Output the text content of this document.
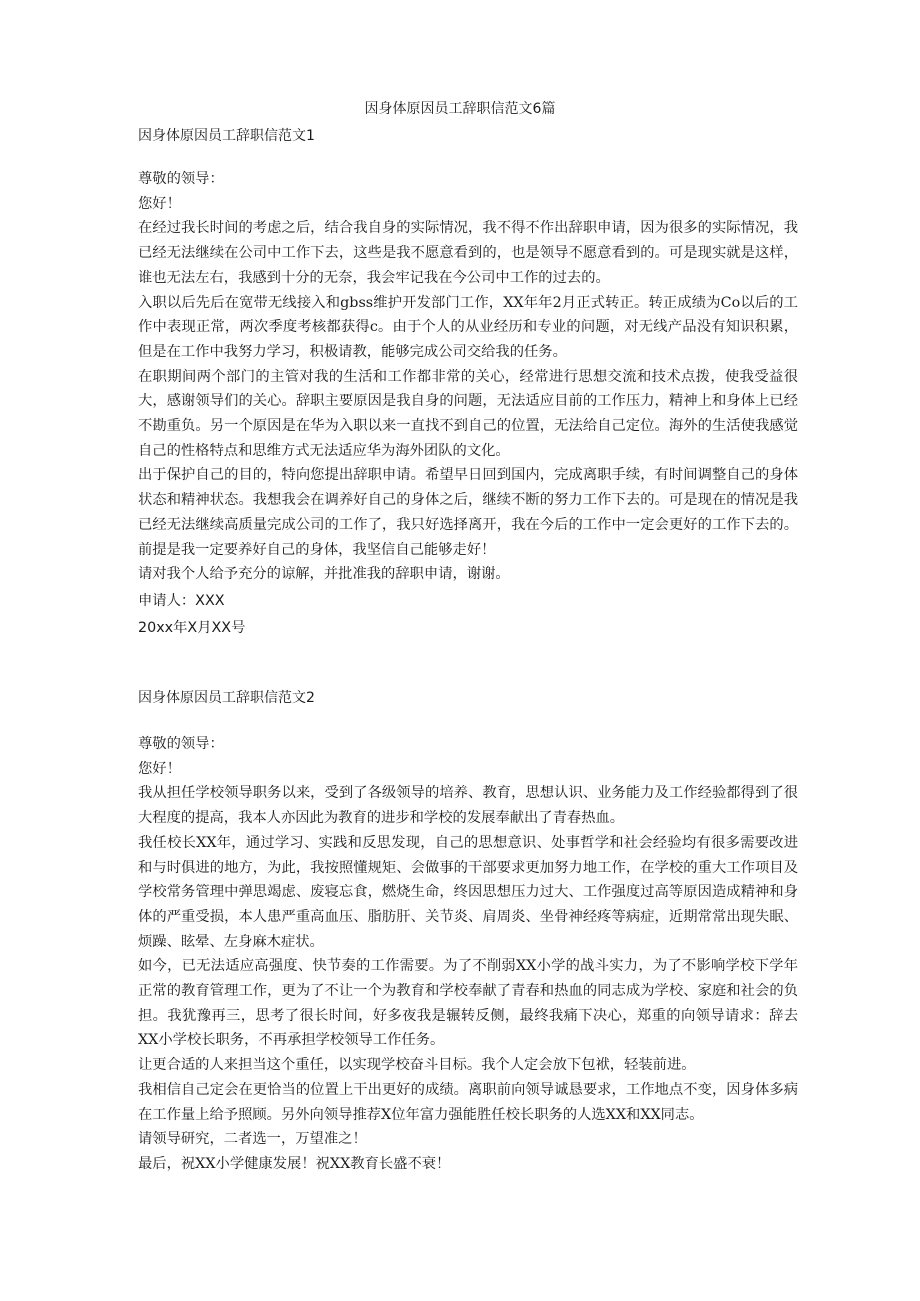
因身体原因员工辞职信范文6篇
因身体原因员工辞职信范文1

尊敬的领导：

您好！

在经过我长时间的考虑之后，结合我自身的实际情况，我不得不作出辞职申请，因为很多的实际情况，我已经无法继续在公司中工作下去，这些是我不愿意看到的，也是领导不愿意看到的。可是现实就是这样，谁也无法左右，我感到十分的无奈，我会牢记我在今公司中工作的过去的。

入职以后先后在宽带无线接入和gbss维护开发部门工作，XX年年2月正式转正。转正成绩为Co以后的工作中表现正常，两次季度考核都获得c。由于个人的从业经历和专业的问题，对无线产品没有知识积累，但是在工作中我努力学习，积极请教，能够完成公司交给我的任务。

在职期间两个部门的主管对我的生活和工作都非常的关心，经常进行思想交流和技术点拨，使我受益很大，感谢领导们的关心。辞职主要原因是我自身的问题，无法适应目前的工作压力，精神上和身体上已经不勘重负。另一个原因是在华为入职以来一直找不到自己的位置，无法给自己定位。海外的生活使我感觉自己的性格特点和思维方式无法适应华为海外团队的文化。

出于保护自己的目的，特向您提出辞职申请。希望早日回到国内，完成离职手续，有时间调整自己的身体状态和精神状态。我想我会在调养好自己的身体之后，继续不断的努力工作下去的。可是现在的情况是我已经无法继续高质量完成公司的工作了，我只好选择离开，我在今后的工作中一定会更好的工作下去的。前提是我一定要养好自己的身体，我坚信自己能够走好！

请对我个人给予充分的谅解，并批准我的辞职申请，谢谢。

申请人：XXX

20xx年X月XX号

因身体原因员工辞职信范文2

尊敬的领导：

您好！

我从担任学校领导职务以来，受到了各级领导的培养、教育，思想认识、业务能力及工作经验都得到了很大程度的提高，我本人亦因此为教育的进步和学校的发展奉献出了青春热血。

我任校长XX年，通过学习、实践和反思发现，自己的思想意识、处事哲学和社会经验均有很多需要改进和与时俱进的地方，为此，我按照懂规矩、会做事的干部要求更加努力地工作，在学校的重大工作项目及学校常务管理中弹思竭虑、废寝忘食，燃烧生命，终因思想压力过大、工作强度过高等原因造成精神和身体的严重受损，本人患严重高血压、脂肪肝、关节炎、肩周炎、坐骨神经疼等病症，近期常常出现失眠、烦躁、眩晕、左身麻木症状。

如今，已无法适应高强度、快节奏的工作需要。为了不削弱XX小学的战斗实力，为了不影响学校下学年正常的教育管理工作，更为了不让一个为教育和学校奉献了青春和热血的同志成为学校、家庭和社会的负担。我犹豫再三，思考了很长时间，好多夜我是辗转反侧，最终我痛下决心，郑重的向领导请求：辞去XX小学校长职务，不再承担学校领导工作任务。

让更合适的人来担当这个重任，以实现学校奋斗目标。我个人定会放下包袱，轻装前进。

我相信自己定会在更恰当的位置上干出更好的成绩。离职前向领导诚恳要求，工作地点不变，因身体多病在工作量上给予照顾。另外向领导推荐X位年富力强能胜任校长职务的人选XX和XX同志。

请领导研究，二者选一，万望准之！

最后，祝XX小学健康发展！祝XX教育长盛不衰！
